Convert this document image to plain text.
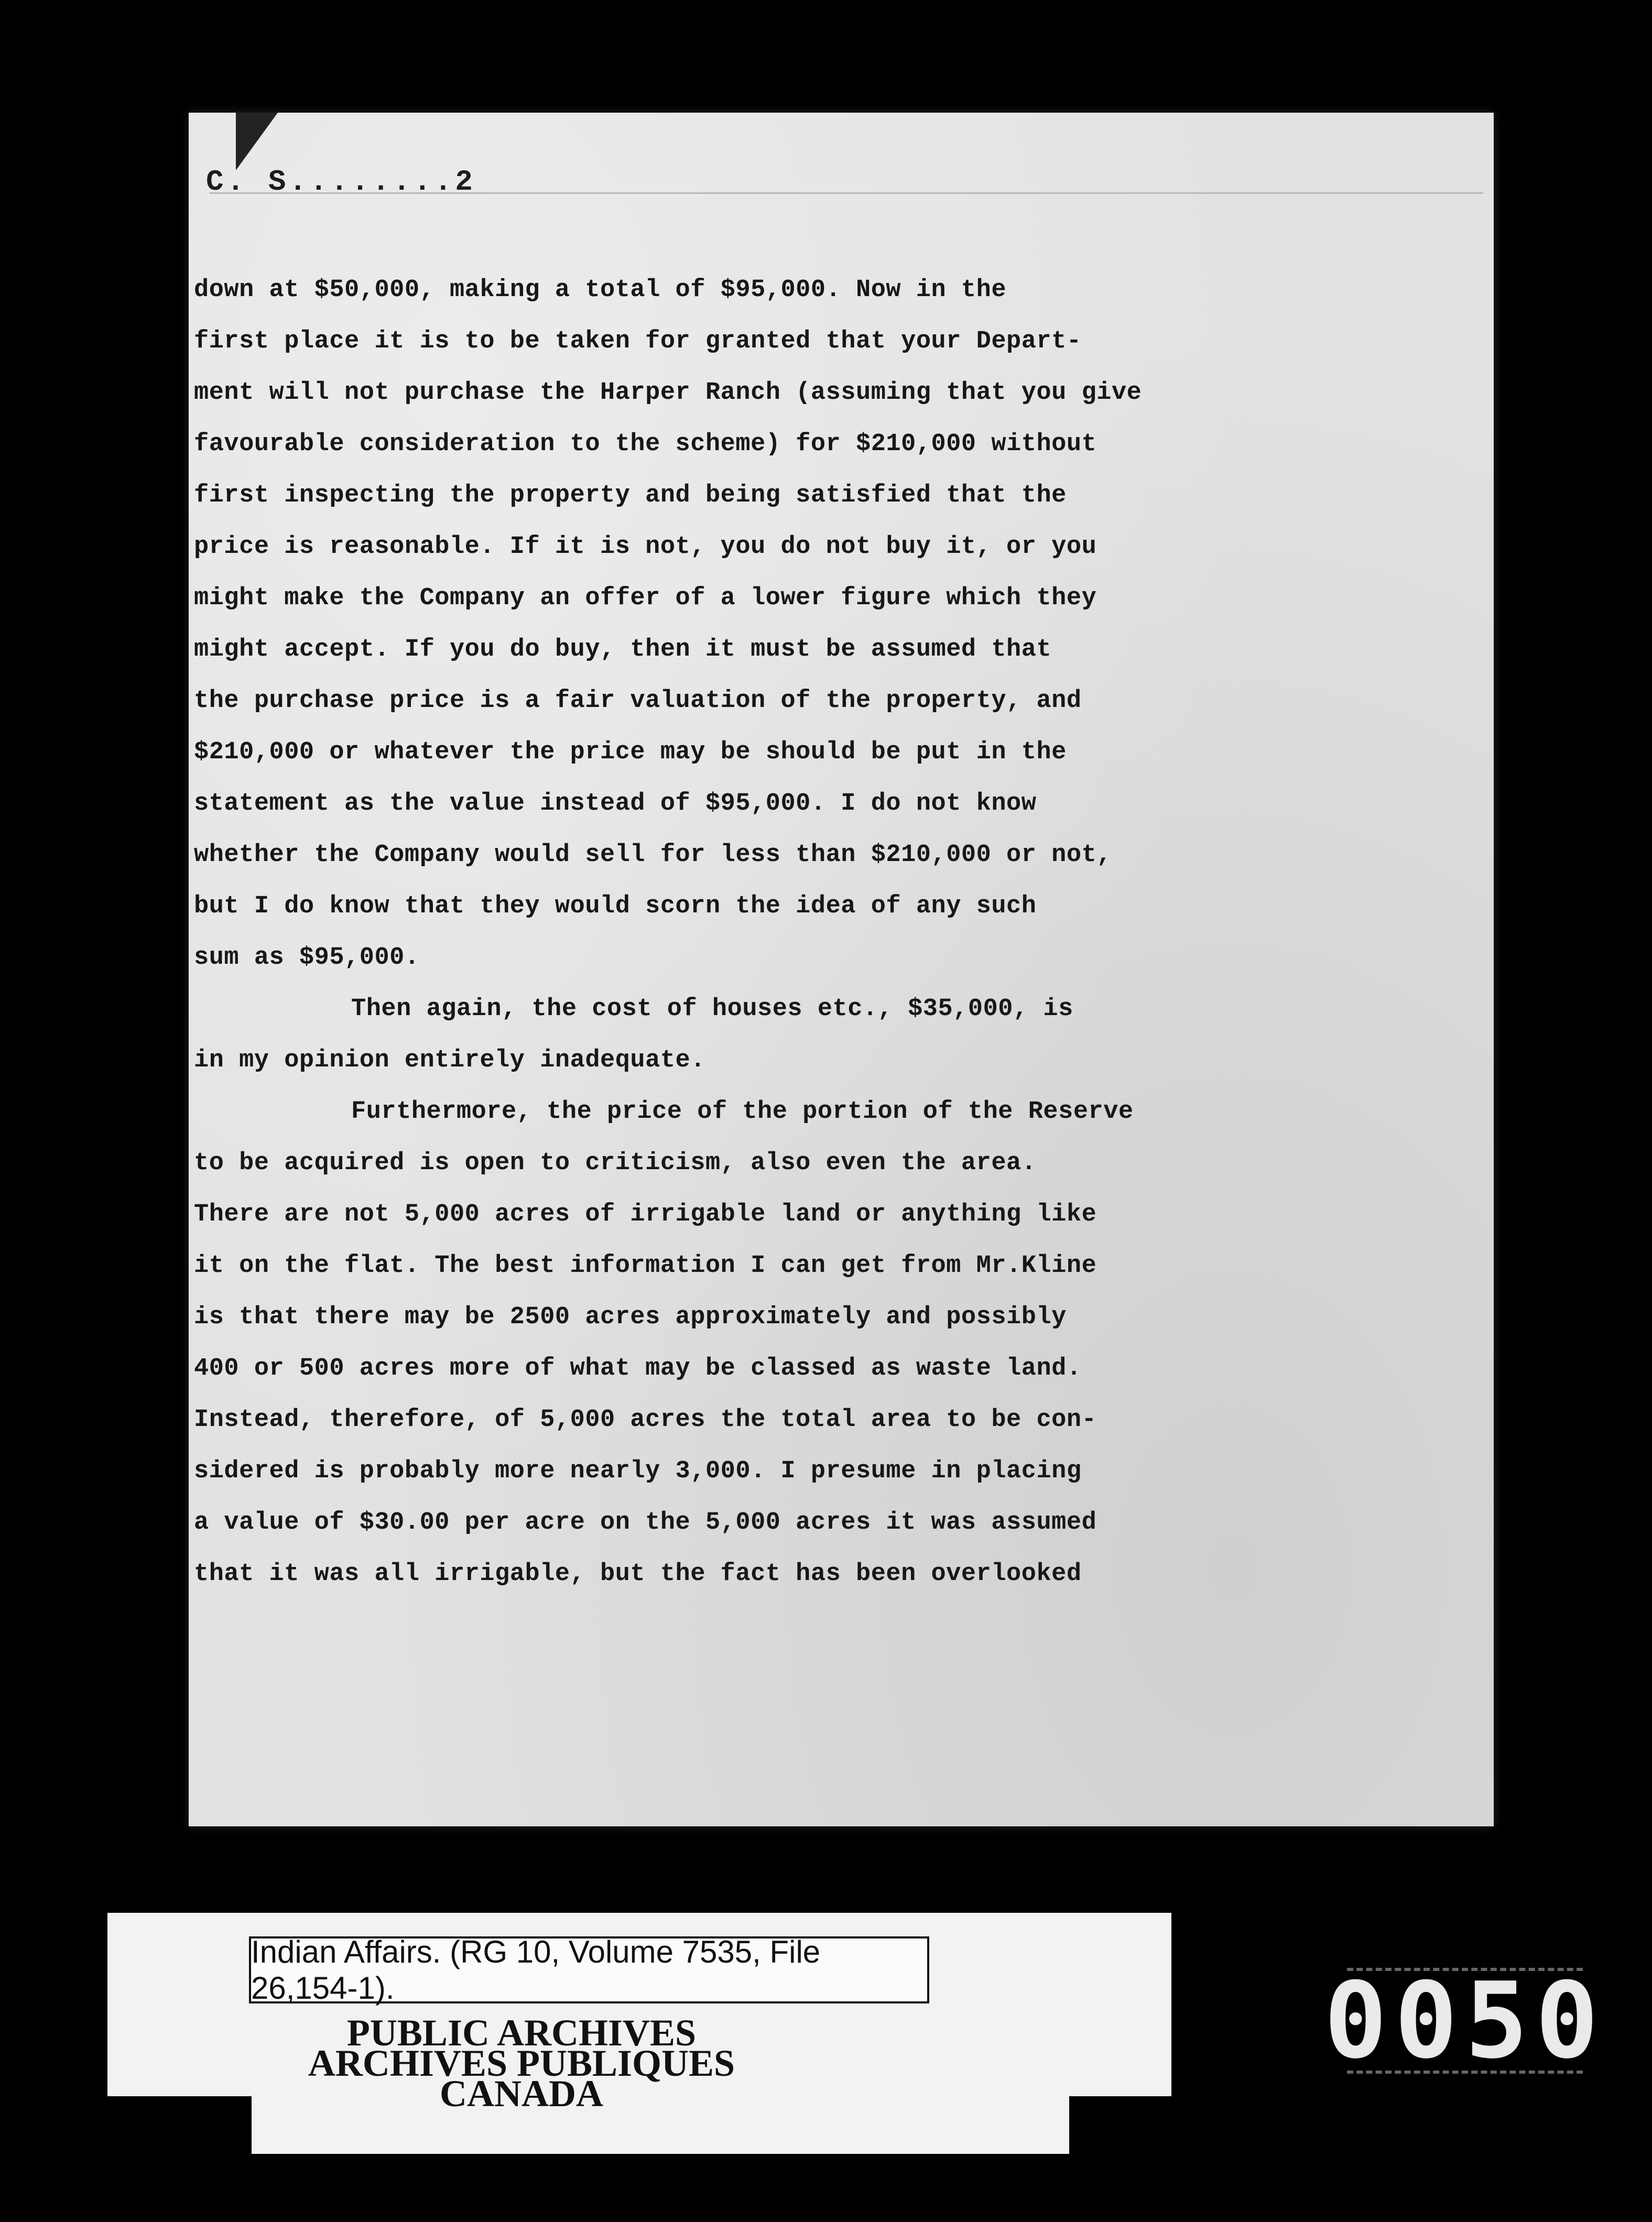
C. S........2
down at $50,000, making a total of $95,000. Now in the
first place it is to be taken for granted that your Depart-
ment will not purchase the Harper Ranch (assuming that you give
favourable consideration to the scheme) for $210,000 without
first inspecting the property and being satisfied that the
price is reasonable. If it is not, you do not buy it, or you
might make the Company an offer of a lower figure which they
might accept. If you do buy, then it must be assumed that
the purchase price is a fair valuation of the property, and
$210,000 or whatever the price may be should be put in the
statement as the value instead of $95,000. I do not know
whether the Company would sell for less than $210,000 or not,
but I do know that they would scorn the idea of any such
sum as $95,000.
Then again, the cost of houses etc., $35,000, is
in my opinion entirely inadequate.
Furthermore, the price of the portion of the Reserve
to be acquired is open to criticism, also even the area.
There are not 5,000 acres of irrigable land or anything like
it on the flat. The best information I can get from Mr.Kline
is that there may be 2500 acres approximately and possibly
400 or 500 acres more of what may be classed as waste land.
Instead, therefore, of 5,000 acres the total area to be con-
sidered is probably more nearly 3,000. I presume in placing
a value of $30.00 per acre on the 5,000 acres it was assumed
that it was all irrigable, but the fact has been overlooked
Indian Affairs. (RG 10, Volume 7535, File 26,154-1).
PUBLIC ARCHIVES
ARCHIVES PUBLIQUES
CANADA
0050
